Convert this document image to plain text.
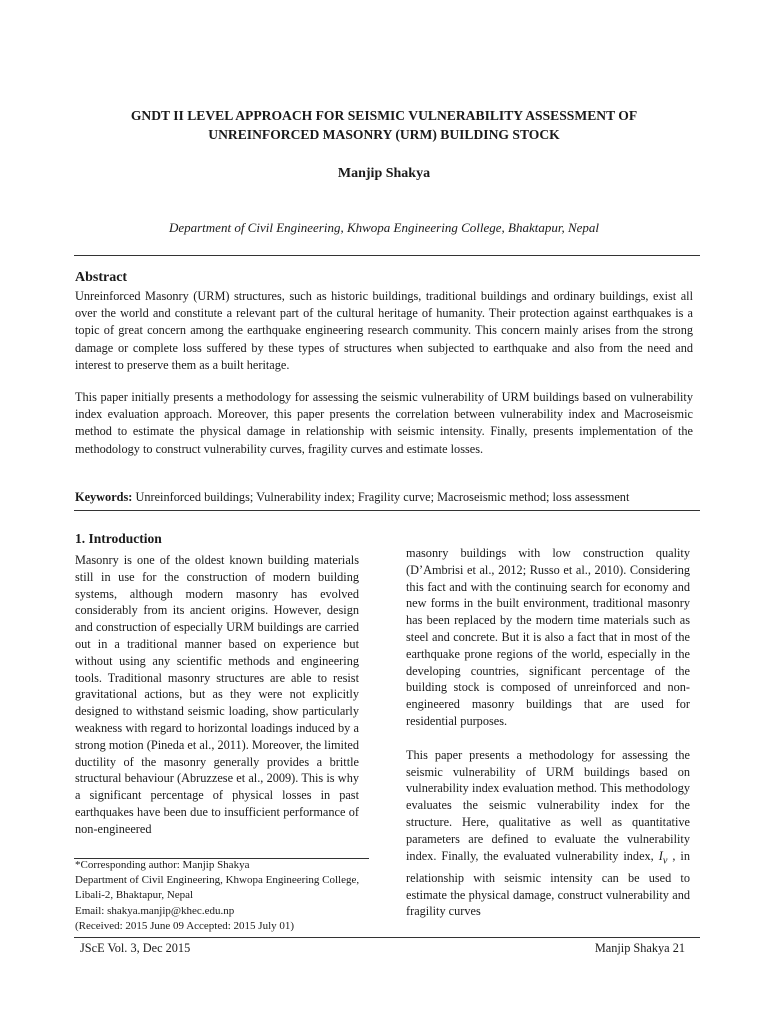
GNDT II LEVEL APPROACH FOR SEISMIC VULNERABILITY ASSESSMENT OF
UNREINFORCED MASONRY (URM) BUILDING STOCK
Manjip Shakya
Department of Civil Engineering, Khwopa Engineering College, Bhaktapur, Nepal
Abstract
Unreinforced Masonry (URM) structures, such as historic buildings, traditional buildings and ordinary buildings, exist all over the world and constitute a relevant part of the cultural heritage of humanity. Their protection against earthquakes is a topic of great concern among the earthquake engineering research community. This concern mainly arises from the strong damage or complete loss suffered by these types of structures when subjected to earthquake and also from the need and interest to preserve them as a built heritage.
This paper initially presents a methodology for assessing the seismic vulnerability of URM buildings based on vulnerability index evaluation approach. Moreover, this paper presents the correlation between vulnerability index and Macroseismic method to estimate the physical damage in relationship with seismic intensity. Finally, presents implementation of the methodology to construct vulnerability curves, fragility curves and estimate losses.
Keywords: Unreinforced buildings; Vulnerability index; Fragility curve; Macroseismic method; loss assessment
1. Introduction

Masonry is one of the oldest known building materials still in use for the construction of modern building systems, although modern masonry has evolved considerably from its ancient origins. However, design and construction of especially URM buildings are carried out in a traditional manner based on experience but without using any scientific methods and engineering tools. Traditional masonry structures are able to resist gravitational actions, but as they were not explicitly designed to withstand seismic loading, show particularly weakness with regard to horizontal loadings induced by a strong motion (Pineda et al., 2011). Moreover, the limited ductility of the masonry generally provides a brittle structural behaviour (Abruzzese et al., 2009). This is why a significant percentage of physical losses in past earthquakes have been due to insufficient performance of non-engineered

masonry buildings with low construction quality (D’Ambrisi et al., 2012; Russo et al., 2010). Considering this fact and with the continuing search for economy and new forms in the built environment, traditional masonry has been replaced by the modern time materials such as steel and concrete. But it is also a fact that in most of the earthquake prone regions of the world, especially in the developing countries, significant percentage of the building stock is composed of unreinforced and non-engineered masonry buildings that are used for residential purposes.

This paper presents a methodology for assessing the seismic vulnerability of URM buildings based on vulnerability index evaluation method. This methodology evaluates the seismic vulnerability index for the structure. Here, qualitative as well as quantitative parameters are defined to evaluate the vulnerability index. Finally, the evaluated vulnerability index, $I_v$ , in relationship with seismic intensity can be used to estimate the physical damage, construct vulnerability and fragility curves

*Corresponding author: Manjip Shakya
Department of Civil Engineering, Khwopa Engineering College, Libali-2, Bhaktapur, Nepal
Email: shakya.manjip@khec.edu.np
(Received: 2015 June 09 Accepted: 2015 July 01)
JScE Vol. 3, Dec 2015	Manjip Shakya 21
